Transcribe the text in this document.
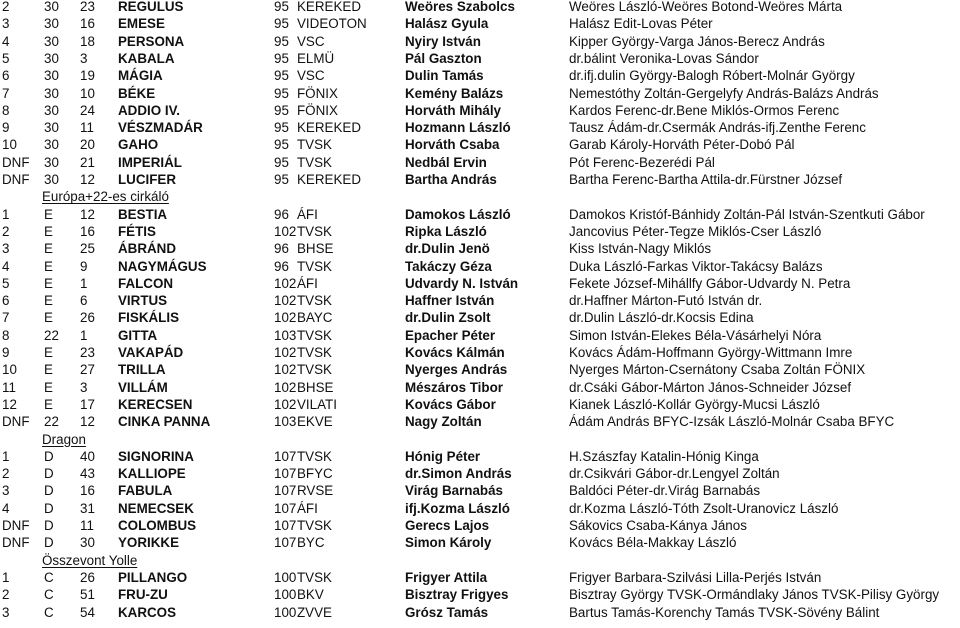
2	30 23 REGULUS	95 KEREKED	Weöres Szabolcs	Weöres László-Weöres Botond-Weöres Márta
3	30 16 EMESE	95 VIDEOTON	Halász Gyula	Halász Edit-Lovas Péter
4	30 18 PERSONA	95 VSC	Nyiry István	Kipper György-Varga János-Berecz András
5	30 3 KABALA	95 ELMÜ	Pál Gaszton	dr.bálint Veronika-Lovas Sándor
6	30 19 MÁGIA	95 VSC	Dulin Tamás	dr.ifj.dulin György-Balogh Róbert-Molnár György
7	30 10 BÉKE	95 FÖNIX	Kemény Balázs	Nemestóthy Zoltán-Gergelyfy András-Balázs András
8	30 24 ADDIO IV.	95 FÖNIX	Horváth Mihály	Kardos Ferenc-dr.Bene Miklós-Ormos Ferenc
9	30 11 VÉSZMADÁR	95 KEREKED	Hozmann László	Tausz Ádám-dr.Csermák András-ifj.Zenthe Ferenc
10 30 20 GAHO	95 TVSK	Horváth Csaba	Garab Károly-Horváth Péter-Dobó Pál
DNF 30 21 IMPERIÁL	95 TVSK	Nedbál Ervin	Pót Ferenc-Bezerédi Pál
DNF 30 12 LUCIFER	95 KEREKED	Bartha András	Bartha Ferenc-Bartha Attila-dr.Fürstner József
Európa+22-es cirkáló
1	E 12 BESTIA	96 ÁFI	Damokos László	Damokos Kristóf-Bánhidy Zoltán-Pál István-Szentkuti Gábor
2	E 16 FÉTIS	102 TVSK	Ripka László	Jancovius Péter-Tegze Miklós-Cser László
3	E 25 ÁBRÁND	96 BHSE	dr.Dulin Jenö	Kiss István-Nagy Miklós
4	E 9 NAGYMÁGUS	96 TVSK	Takáczy Géza	Duka László-Farkas Viktor-Takácsy Balázs
5	E 1 FALCON	102 ÁFI	Udvardy N. István	Fekete József-Mihállfy Gábor-Udvardy N. Petra
6	E 6 VIRTUS	102 TVSK	Haffner István	dr.Haffner Márton-Futó István dr.
7	E 26 FISKÁLIS	102 BAYC	dr.Dulin Zsolt	dr.Dulin László-dr.Kocsis Edina
8	22 1 GITTA	103 TVSK	Epacher Péter	Simon István-Elekes Béla-Vásárhelyi Nóra
9	E 23 VAKAPÁD	102 TVSK	Kovács Kálmán	Kovács Ádám-Hoffmann György-Wittmann Imre
10 E 27 TRILLA	102 TVSK	Nyerges András	Nyerges Márton-Csernátony Csaba Zoltán FÖNIX
11 E 3 VILLÁM	102 BHSE	Mészáros Tibor	dr.Csáki Gábor-Márton János-Schneider József
12 E 17 KERECSEN	102 VILATI	Kovács Gábor	Kianek László-Kollár György-Mucsi László
DNF 22 12 CINKA PANNA	103 EKVE	Nagy Zoltán	Ádám András BFYC-Izsák László-Molnár Csaba BFYC
Dragon
1	D 40 SIGNORINA	107 TVSK	Hónig Péter	H.Szászfay Katalin-Hónig Kinga
2	D 43 KALLIOPE	107 BFYC	dr.Simon András	dr.Csikvári Gábor-dr.Lengyel Zoltán
3	D 16 FABULA	107 RVSE	Virág Barnabás	Baldóci Péter-dr.Virág Barnabás
4	D 31 NEMECSEK	107 ÁFI	ifj.Kozma László	dr.Kozma László-Tóth Zsolt-Uranovicz László
DNF D 11 COLOMBUS	107 TVSK	Gerecs Lajos	Sákovics Csaba-Kánya János
DNF D 30 YORIKKE	107 BYC	Simon Károly	Kovács Béla-Makkay László
Összevont Yolle
1	C 26 PILLANGO	100 TVSK	Frigyer Attila	Frigyer Barbara-Szilvási Lilla-Perjés István
2	C 51 FRU-ZU	100 BKV	Bisztray Frigyes	Bisztray György TVSK-Ormándlaky János TVSK-Pilisy György
3	C 54 KARCOS	100 ZVVE	Grósz Tamás	Bartus Tamás-Korenchy Tamás TVSK-Sövény Bálint
